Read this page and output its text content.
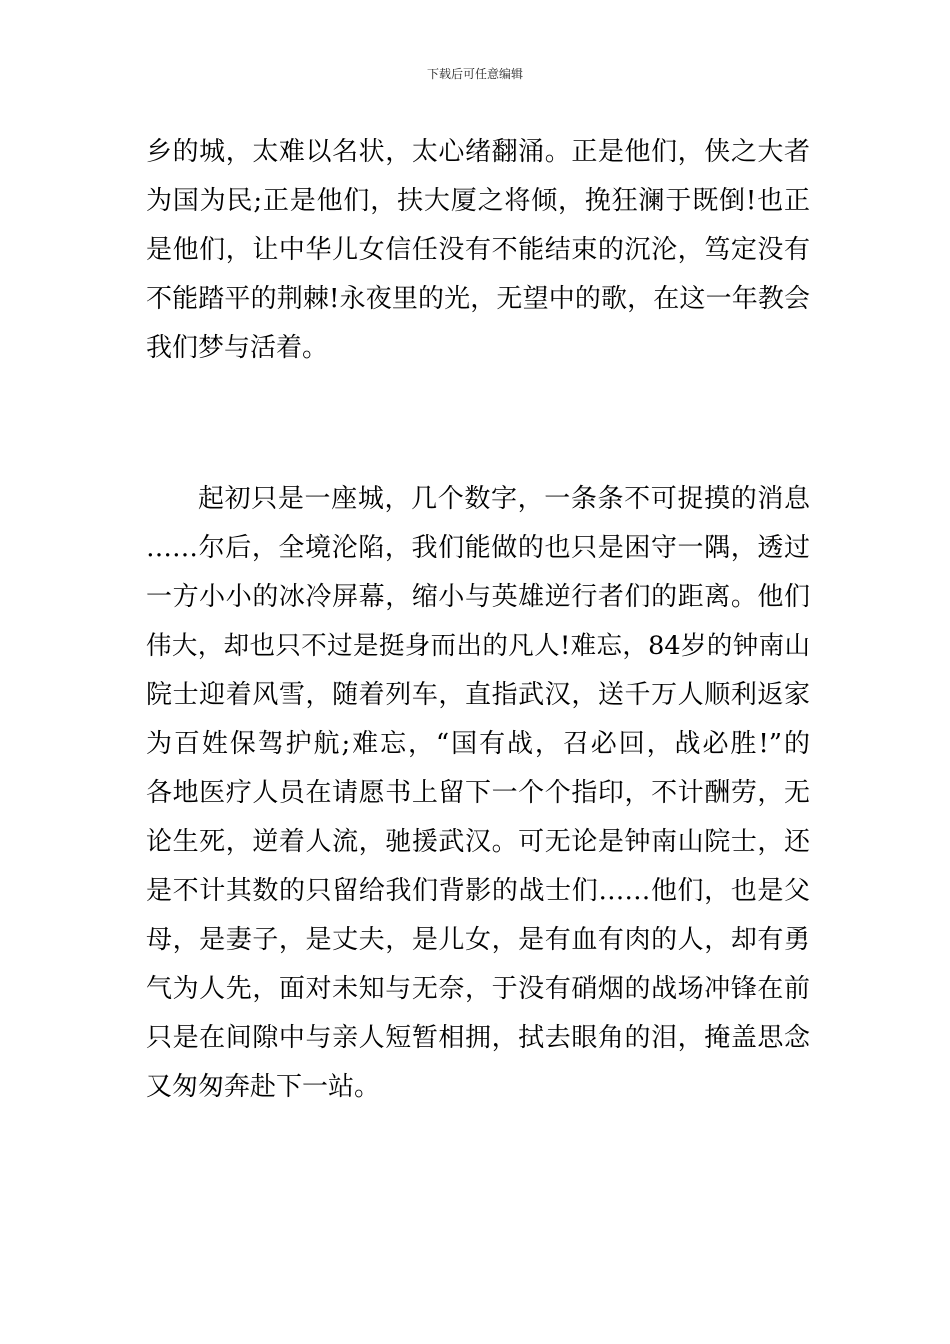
下载后可任意编辑
乡的城，太难以名状，太心绪翻涌。正是他们，侠之大者
为国为民;正是他们，扶大厦之将倾，挽狂澜于既倒!也正
是他们，让中华儿女信任没有不能结束的沉沦，笃定没有
不能踏平的荆棘!永夜里的光，无望中的歌，在这一年教会
我们梦与活着。
起初只是一座城，几个数字，一条条不可捉摸的消息
……尔后，全境沦陷，我们能做的也只是困守一隅，透过
一方小小的冰冷屏幕，缩小与英雄逆行者们的距离。他们
伟大，却也只不过是挺身而出的凡人!难忘，84岁的钟南山
院士迎着风雪，随着列车，直指武汉，送千万人顺利返家
为百姓保驾护航;难忘，“国有战，召必回，战必胜!”的
各地医疗人员在请愿书上留下一个个指印，不计酬劳，无
论生死，逆着人流，驰援武汉。可无论是钟南山院士，还
是不计其数的只留给我们背影的战士们……他们，也是父
母，是妻子，是丈夫，是儿女，是有血有肉的人，却有勇
气为人先，面对未知与无奈，于没有硝烟的战场冲锋在前
只是在间隙中与亲人短暂相拥，拭去眼角的泪，掩盖思念
又匆匆奔赴下一站。
